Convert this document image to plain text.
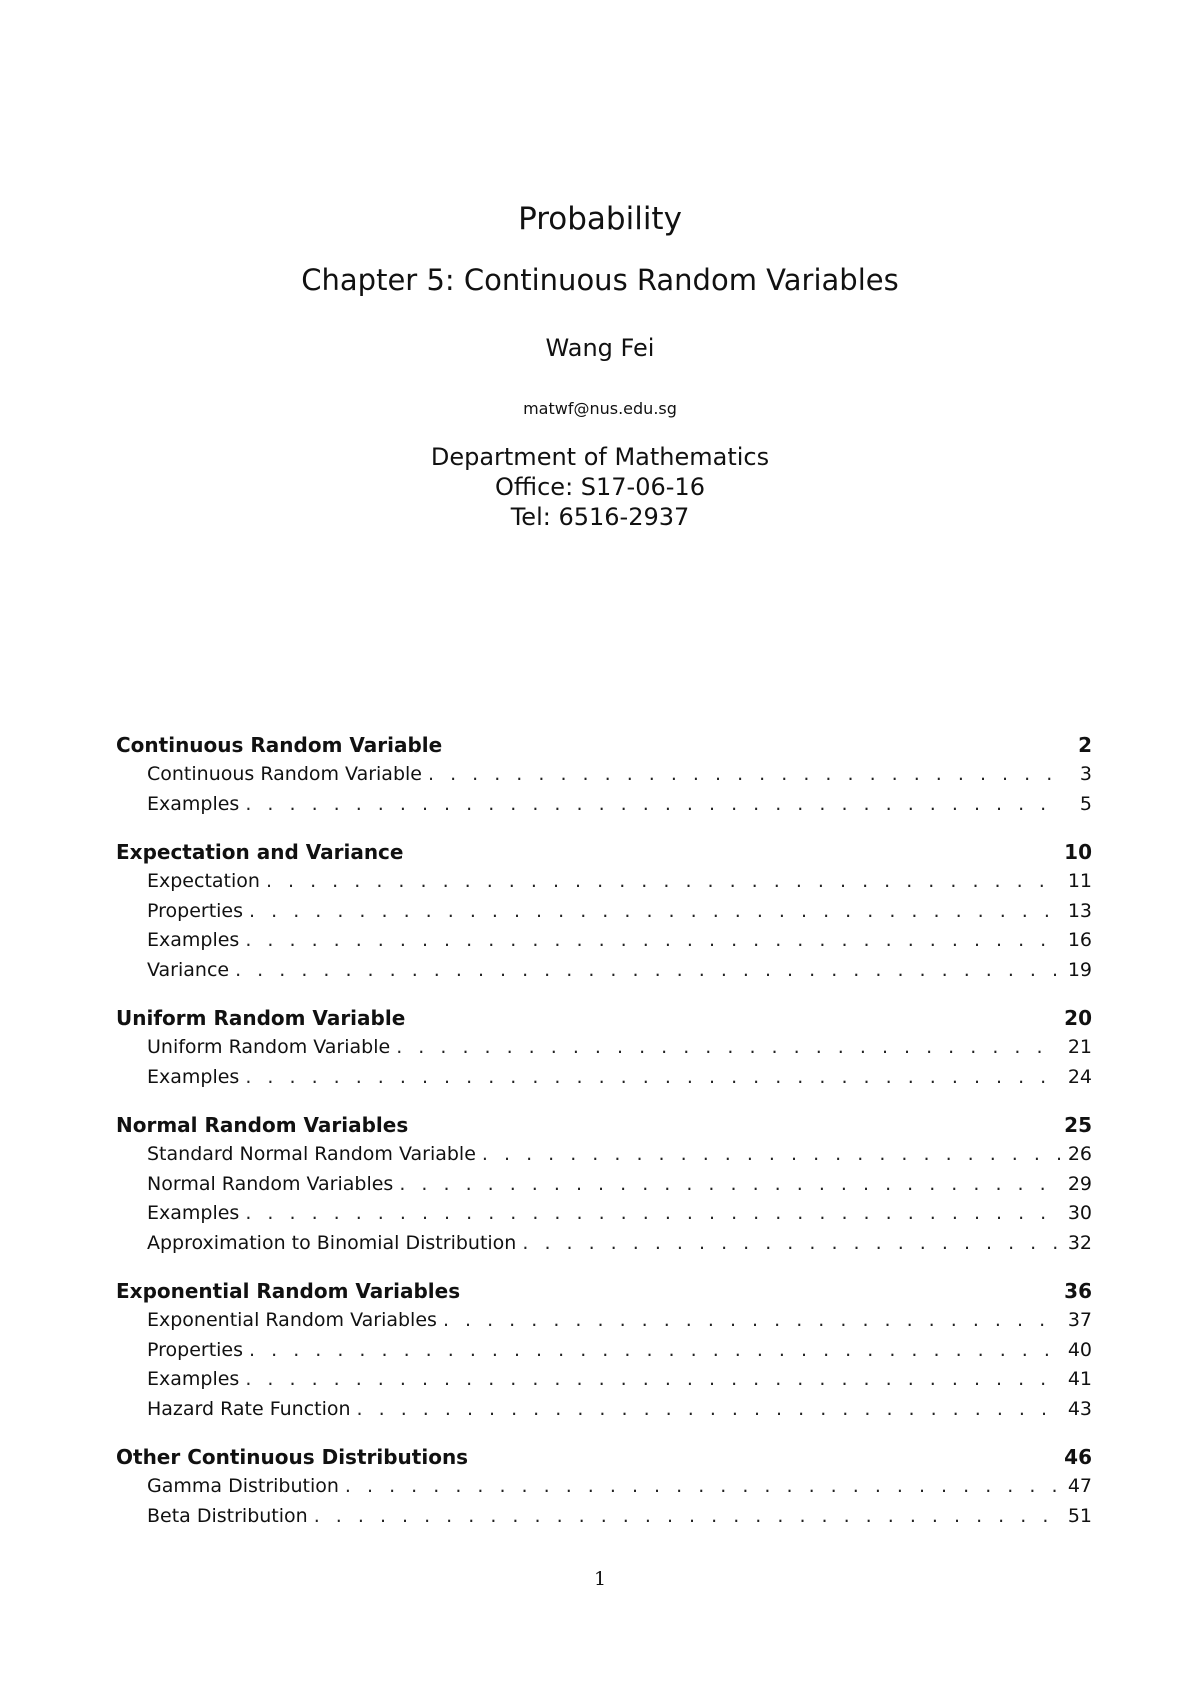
Probability
Chapter 5: Continuous Random Variables
Wang Fei
matwf@nus.edu.sg
Department of Mathematics
Office: S17-06-16
Tel: 6516-2937
Continuous Random Variable	2
Continuous Random Variable . . .	3
Examples . . .	5
Expectation and Variance	10
Expectation . . .	11
Properties . . .	13
Examples . . .	16
Variance . . .	19
Uniform Random Variable	20
Uniform Random Variable . . .	21
Examples . . .	24
Normal Random Variables	25
Standard Normal Random Variable . . .	26
Normal Random Variables . . .	29
Examples . . .	30
Approximation to Binomial Distribution . . .	32
Exponential Random Variables	36
Exponential Random Variables . . .	37
Properties . . .	40
Examples . . .	41
Hazard Rate Function . . .	43
Other Continuous Distributions	46
Gamma Distribution . . .	47
Beta Distribution . . .	51
1
